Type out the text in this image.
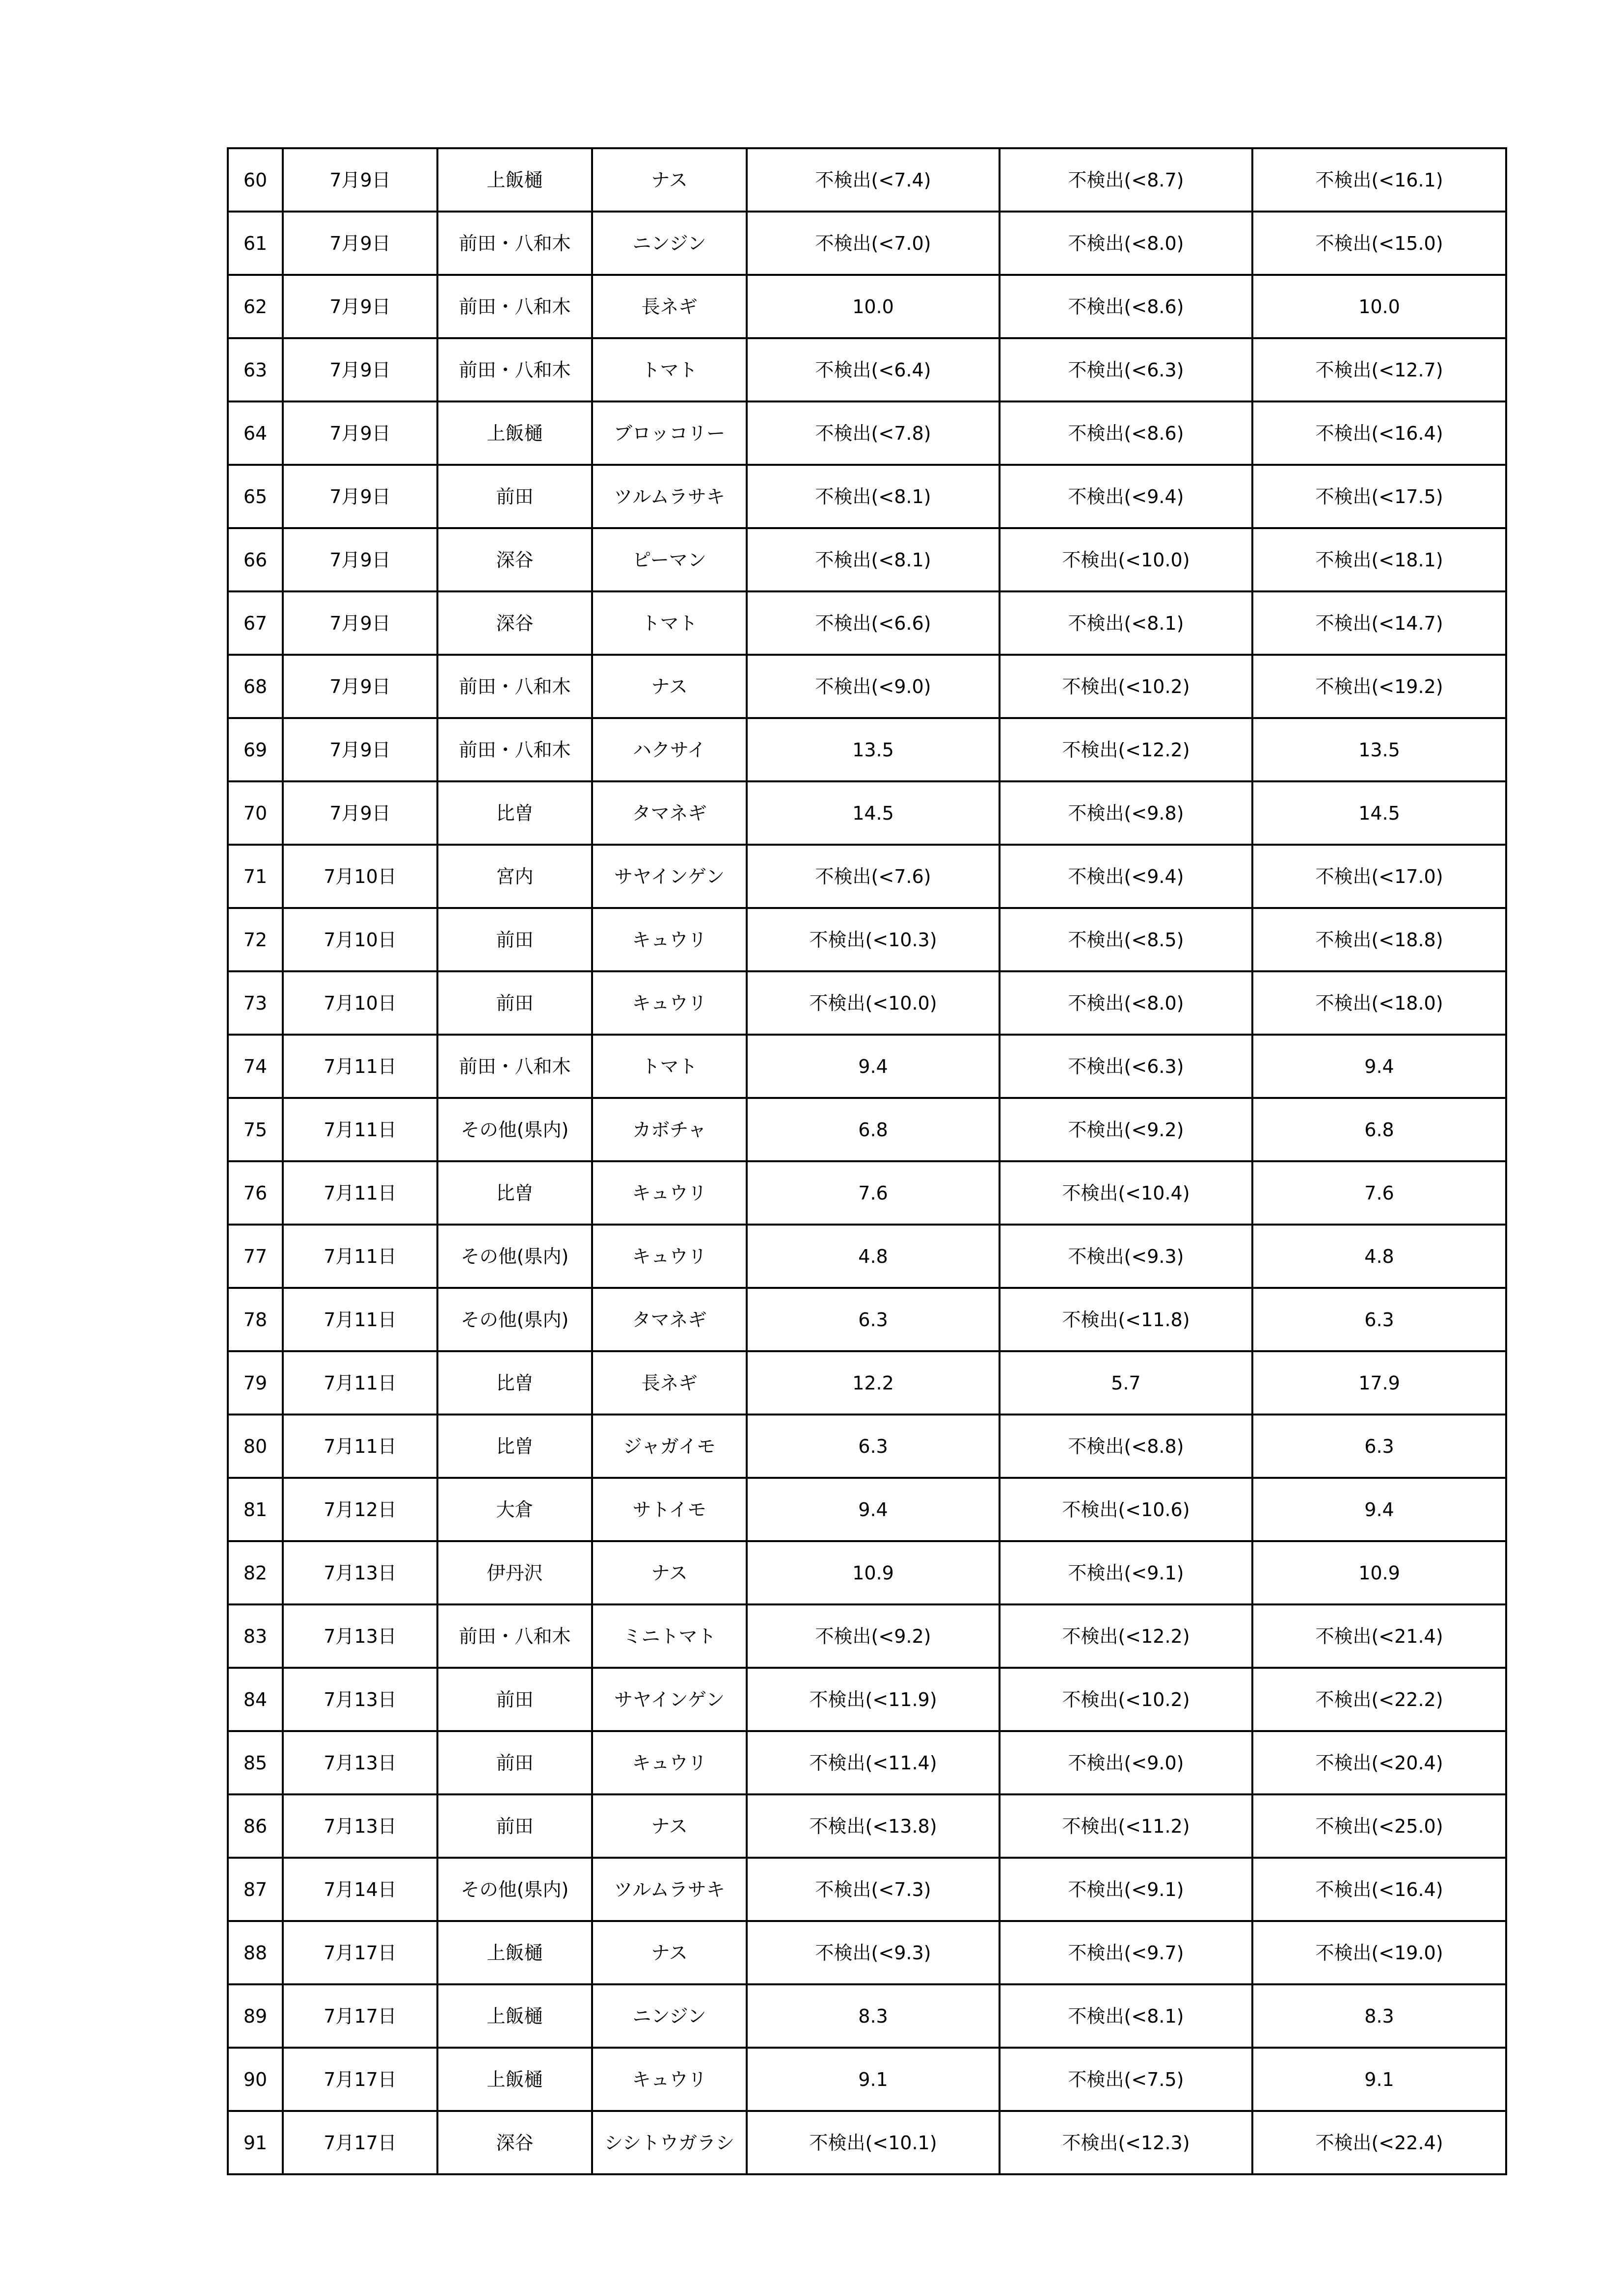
60	7月9日	上飯樋	ナス	不検出(<7.4)	不検出(<8.7)	不検出(<16.1)
61	7月9日	前田・八和木	ニンジン	不検出(<7.0)	不検出(<8.0)	不検出(<15.0)
62	7月9日	前田・八和木	長ネギ	10.0	不検出(<8.6)	10.0
63	7月9日	前田・八和木	トマト	不検出(<6.4)	不検出(<6.3)	不検出(<12.7)
64	7月9日	上飯樋	ブロッコリー	不検出(<7.8)	不検出(<8.6)	不検出(<16.4)
65	7月9日	前田	ツルムラサキ	不検出(<8.1)	不検出(<9.4)	不検出(<17.5)
66	7月9日	深谷	ピーマン	不検出(<8.1)	不検出(<10.0)	不検出(<18.1)
67	7月9日	深谷	トマト	不検出(<6.6)	不検出(<8.1)	不検出(<14.7)
68	7月9日	前田・八和木	ナス	不検出(<9.0)	不検出(<10.2)	不検出(<19.2)
69	7月9日	前田・八和木	ハクサイ	13.5	不検出(<12.2)	13.5
70	7月9日	比曽	タマネギ	14.5	不検出(<9.8)	14.5
71	7月10日	宮内	サヤインゲン	不検出(<7.6)	不検出(<9.4)	不検出(<17.0)
72	7月10日	前田	キュウリ	不検出(<10.3)	不検出(<8.5)	不検出(<18.8)
73	7月10日	前田	キュウリ	不検出(<10.0)	不検出(<8.0)	不検出(<18.0)
74	7月11日	前田・八和木	トマト	9.4	不検出(<6.3)	9.4
75	7月11日	その他(県内)	カボチャ	6.8	不検出(<9.2)	6.8
76	7月11日	比曽	キュウリ	7.6	不検出(<10.4)	7.6
77	7月11日	その他(県内)	キュウリ	4.8	不検出(<9.3)	4.8
78	7月11日	その他(県内)	タマネギ	6.3	不検出(<11.8)	6.3
79	7月11日	比曽	長ネギ	12.2	5.7	17.9
80	7月11日	比曽	ジャガイモ	6.3	不検出(<8.8)	6.3
81	7月12日	大倉	サトイモ	9.4	不検出(<10.6)	9.4
82	7月13日	伊丹沢	ナス	10.9	不検出(<9.1)	10.9
83	7月13日	前田・八和木	ミニトマト	不検出(<9.2)	不検出(<12.2)	不検出(<21.4)
84	7月13日	前田	サヤインゲン	不検出(<11.9)	不検出(<10.2)	不検出(<22.2)
85	7月13日	前田	キュウリ	不検出(<11.4)	不検出(<9.0)	不検出(<20.4)
86	7月13日	前田	ナス	不検出(<13.8)	不検出(<11.2)	不検出(<25.0)
87	7月14日	その他(県内)	ツルムラサキ	不検出(<7.3)	不検出(<9.1)	不検出(<16.4)
88	7月17日	上飯樋	ナス	不検出(<9.3)	不検出(<9.7)	不検出(<19.0)
89	7月17日	上飯樋	ニンジン	8.3	不検出(<8.1)	8.3
90	7月17日	上飯樋	キュウリ	9.1	不検出(<7.5)	9.1
91	7月17日	深谷	シシトウガラシ	不検出(<10.1)	不検出(<12.3)	不検出(<22.4)
